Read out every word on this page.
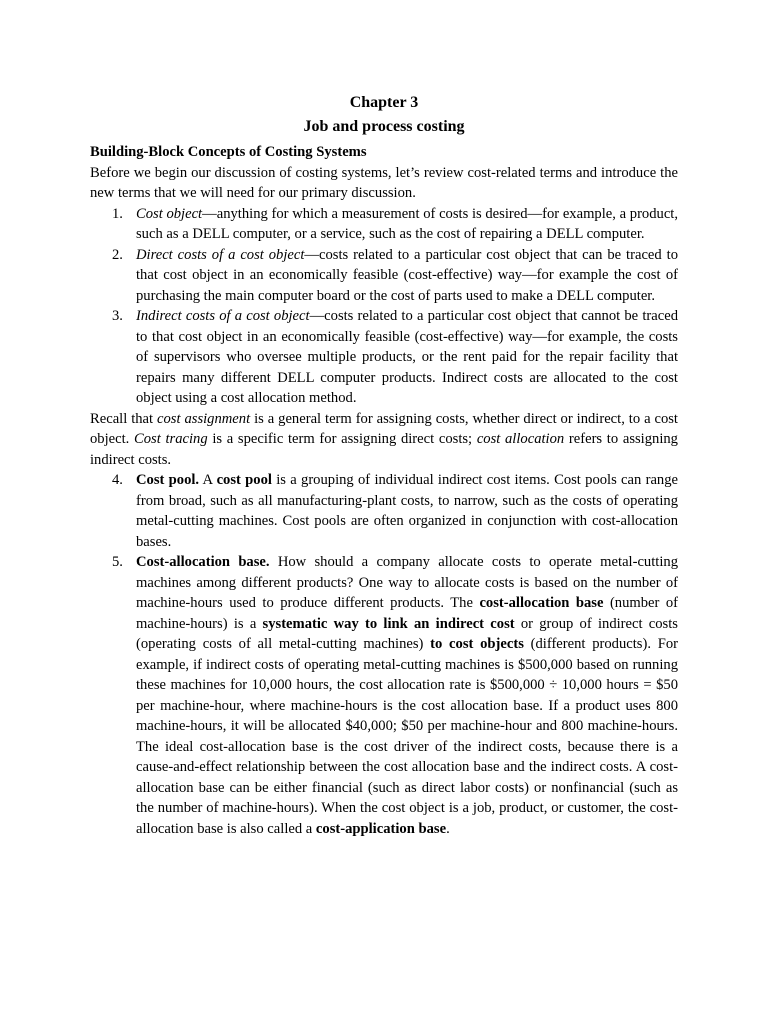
Chapter 3
Job and process costing

Building-Block Concepts of Costing Systems

Before we begin our discussion of costing systems, let’s review cost-related terms and introduce the new terms that we will need for our primary discussion.

1. Cost object—anything for which a measurement of costs is desired—for example, a product, such as a DELL computer, or a service, such as the cost of repairing a DELL computer.
2. Direct costs of a cost object—costs related to a particular cost object that can be traced to that cost object in an economically feasible (cost-effective) way—for example the cost of purchasing the main computer board or the cost of parts used to make a DELL computer.
3. Indirect costs of a cost object—costs related to a particular cost object that cannot be traced to that cost object in an economically feasible (cost-effective) way—for example, the costs of supervisors who oversee multiple products, or the rent paid for the repair facility that repairs many different DELL computer products. Indirect costs are allocated to the cost object using a cost allocation method.

Recall that cost assignment is a general term for assigning costs, whether direct or indirect, to a cost object. Cost tracing is a specific term for assigning direct costs; cost allocation refers to assigning indirect costs.

4. Cost pool. A cost pool is a grouping of individual indirect cost items. Cost pools can range from broad, such as all manufacturing-plant costs, to narrow, such as the costs of operating metal-cutting machines. Cost pools are often organized in conjunction with cost-allocation bases.
5. Cost-allocation base. How should a company allocate costs to operate metal-cutting machines among different products? One way to allocate costs is based on the number of machine-hours used to produce different products. The cost-allocation base (number of machine-hours) is a systematic way to link an indirect cost or group of indirect costs (operating costs of all metal-cutting machines) to cost objects (different products). For example, if indirect costs of operating metal-cutting machines is $500,000 based on running these machines for 10,000 hours, the cost allocation rate is $500,000 ÷ 10,000 hours = $50 per machine-hour, where machine-hours is the cost allocation base. If a product uses 800 machine-hours, it will be allocated $40,000; $50 per machine-hour and 800 machine-hours. The ideal cost-allocation base is the cost driver of the indirect costs, because there is a cause-and-effect relationship between the cost allocation base and the indirect costs. A cost-allocation base can be either financial (such as direct labor costs) or nonfinancial (such as the number of machine-hours). When the cost object is a job, product, or customer, the cost-allocation base is also called a cost-application base.
